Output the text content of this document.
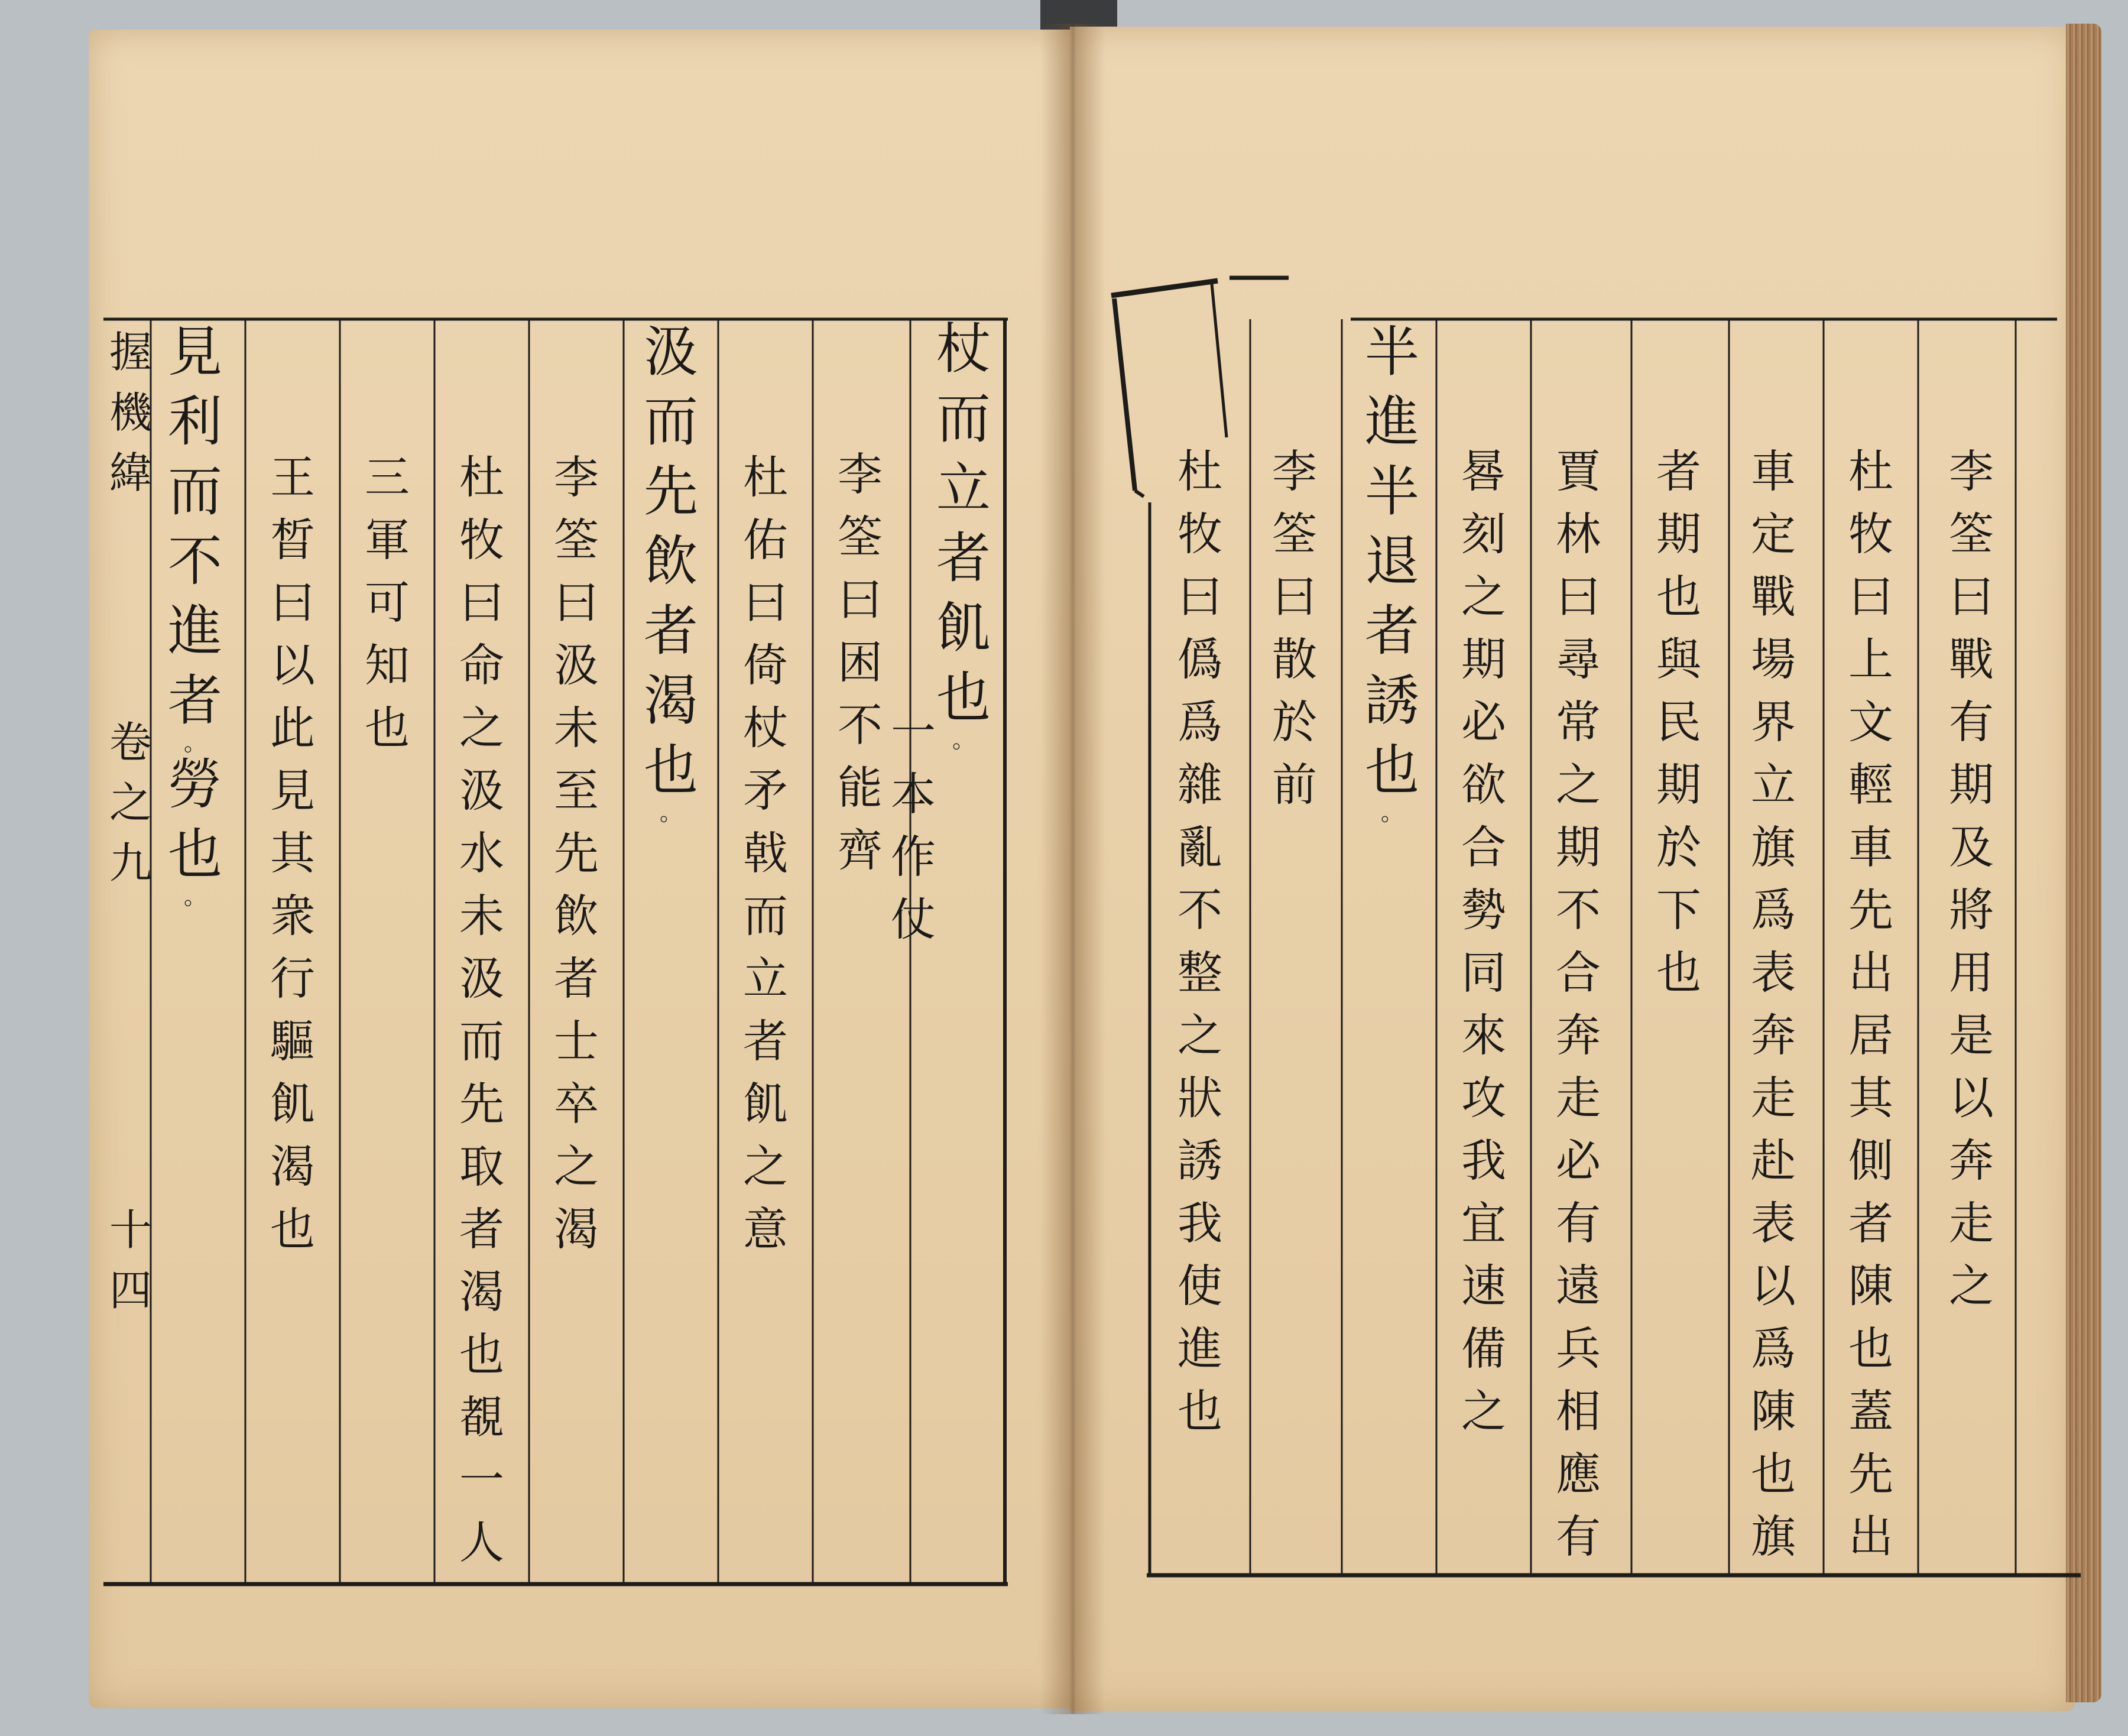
杖
而
立
者
飢
也
。
一
本
作
仗
李
筌
曰
困
不
能
齊
杜
佑
曰
倚
杖
矛
戟
而
立
者
飢
之
意
汲
而
先
飲
者
渴
也
。
李
筌
曰
汲
未
至
先
飲
者
士
卒
之
渴
杜
牧
曰
命
之
汲
水
未
汲
而
先
取
者
渴
也
覩
一
人
三
軍
可
知
也
王
晳
曰
以
此
見
其
衆
行
驅
飢
渴
也
見
利
而
不
進
者
。
勞
也
。
李
筌
曰
戰
有
期
及
將
用
是
以
奔
走
之
杜
牧
曰
上
文
輕
車
先
出
居
其
側
者
陳
也
蓋
先
出
車
定
戰
場
界
立
旗
爲
表
奔
走
赴
表
以
爲
陳
也
旗
者
期
也
與
民
期
於
下
也
賈
林
曰
尋
常
之
期
不
合
奔
走
必
有
遠
兵
相
應
有
晷
刻
之
期
必
欲
合
勢
同
來
攻
我
宜
速
備
之
半
進
半
退
者
誘
也
。
李
筌
曰
散
於
前
杜
牧
曰
僞
爲
雜
亂
不
整
之
狀
誘
我
使
進
也
握
機
緯
卷
之
九
十
四
